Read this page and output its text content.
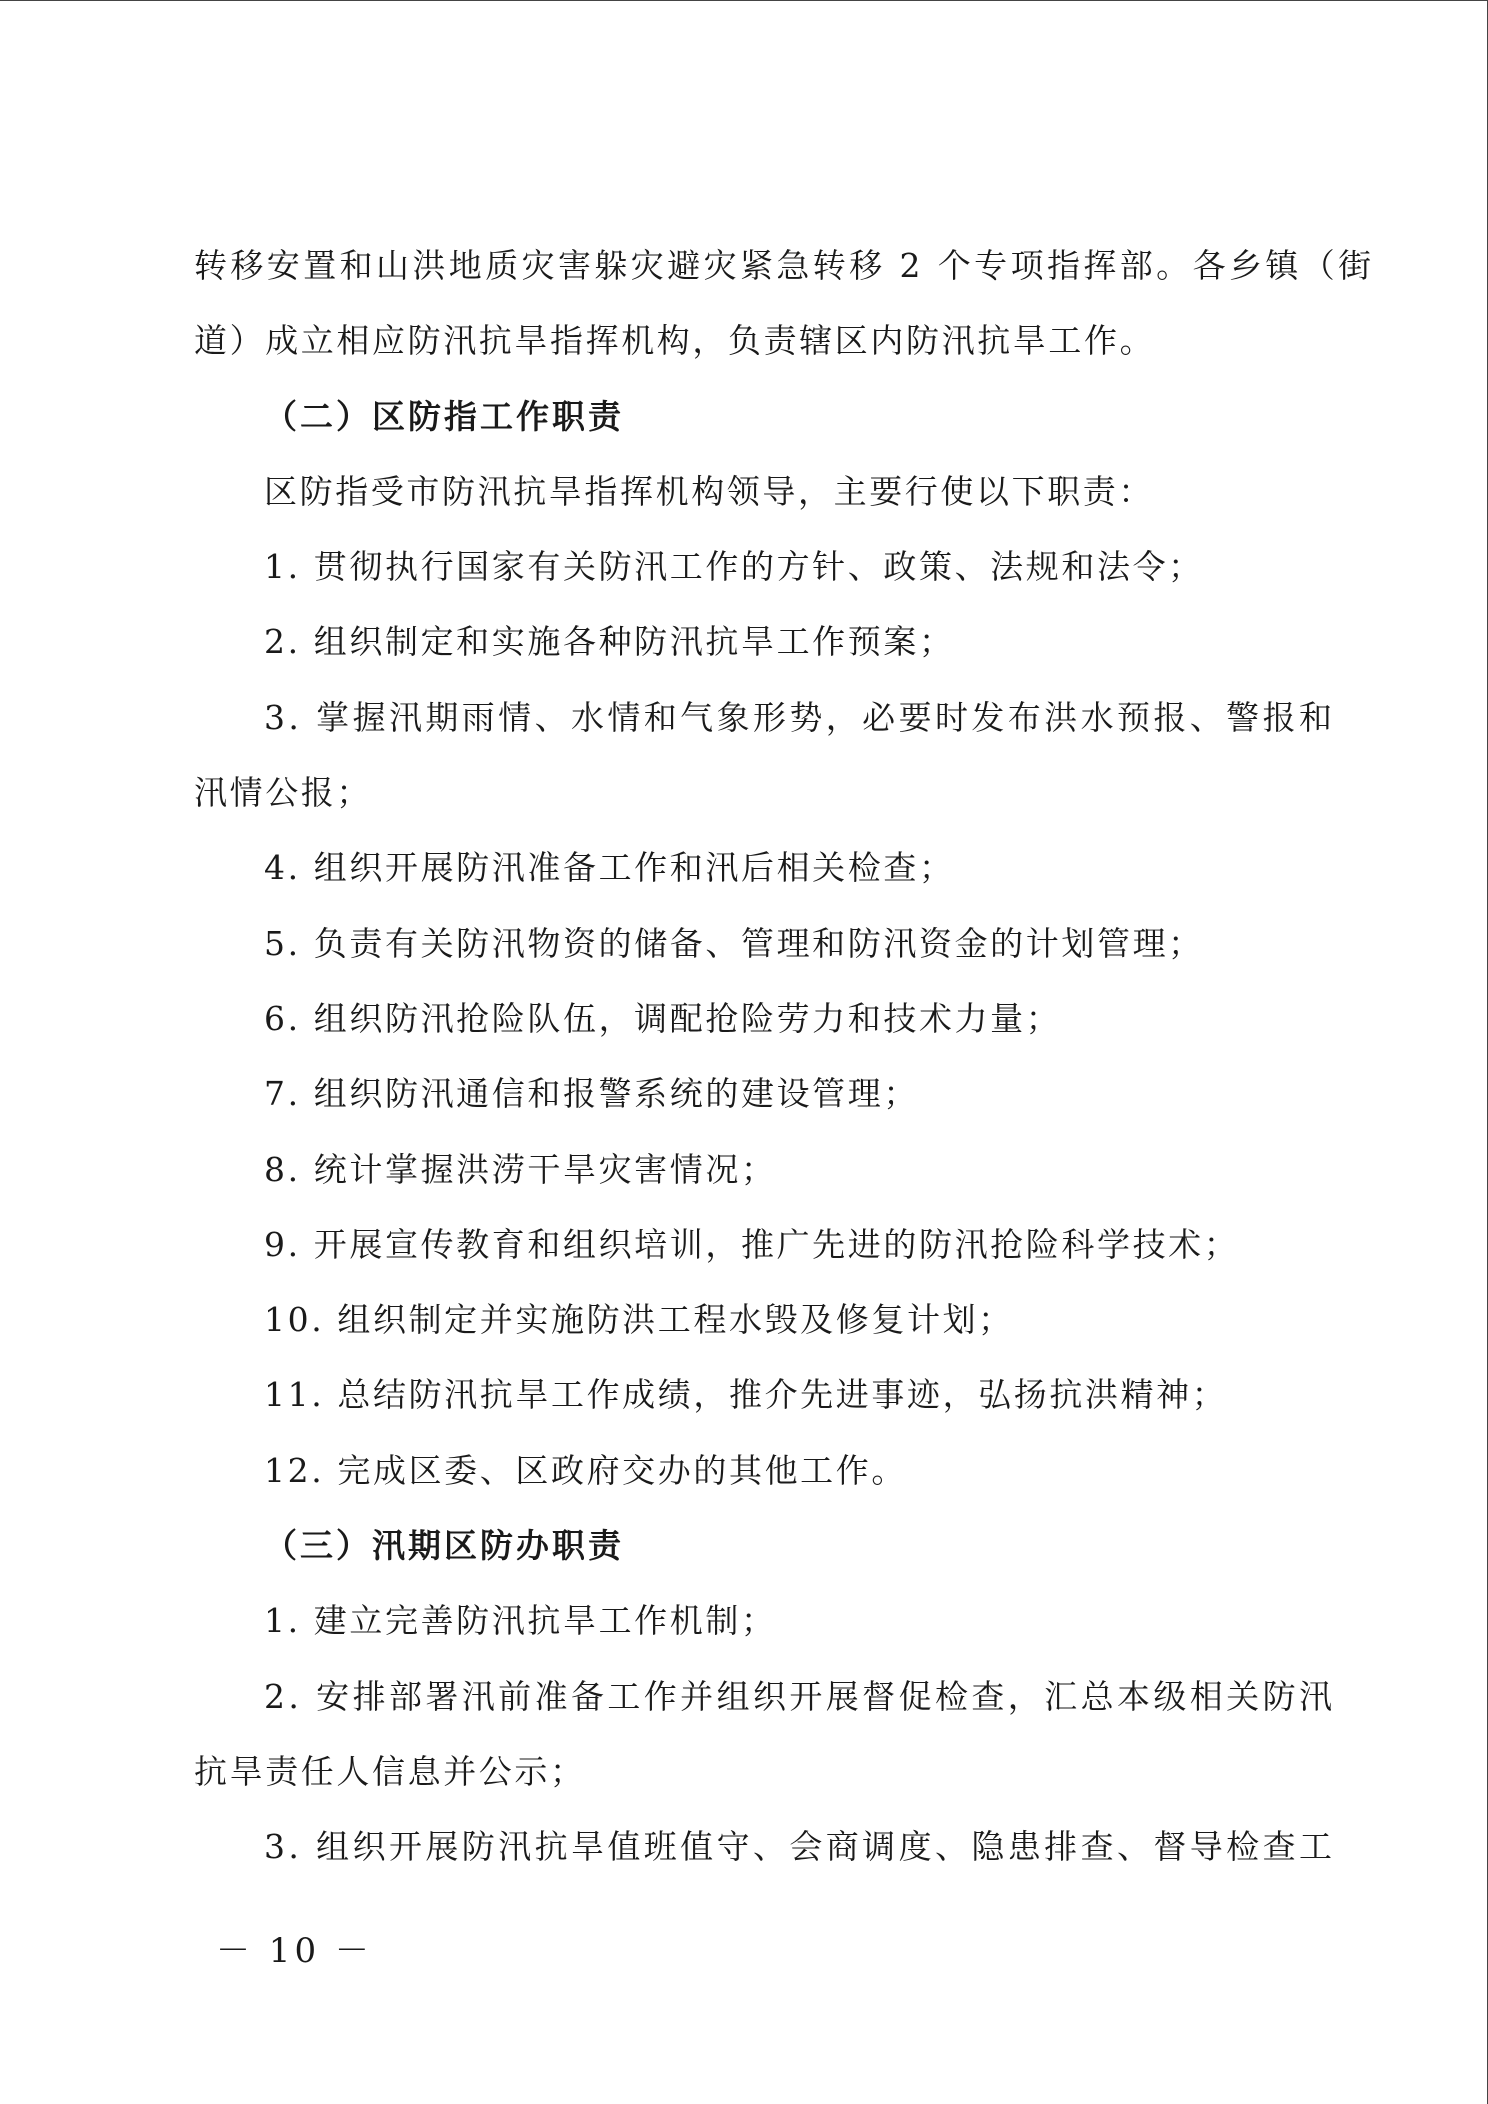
转移安置和山洪地质灾害躲灾避灾紧急转移 2 个专项指挥部。各乡镇（街
道）成立相应防汛抗旱指挥机构，负责辖区内防汛抗旱工作。
（二）区防指工作职责
区防指受市防汛抗旱指挥机构领导，主要行使以下职责：
1. 贯彻执行国家有关防汛工作的方针、政策、法规和法令；
2. 组织制定和实施各种防汛抗旱工作预案；
3. 掌握汛期雨情、水情和气象形势，必要时发布洪水预报、警报和
汛情公报；
4. 组织开展防汛准备工作和汛后相关检查；
5. 负责有关防汛物资的储备、管理和防汛资金的计划管理；
6. 组织防汛抢险队伍，调配抢险劳力和技术力量；
7. 组织防汛通信和报警系统的建设管理；
8. 统计掌握洪涝干旱灾害情况；
9. 开展宣传教育和组织培训，推广先进的防汛抢险科学技术；
10. 组织制定并实施防洪工程水毁及修复计划；
11. 总结防汛抗旱工作成绩，推介先进事迹，弘扬抗洪精神；
12. 完成区委、区政府交办的其他工作。
（三）汛期区防办职责
1. 建立完善防汛抗旱工作机制；
2. 安排部署汛前准备工作并组织开展督促检查，汇总本级相关防汛
抗旱责任人信息并公示；
3. 组织开展防汛抗旱值班值守、会商调度、隐患排查、督导检查工
－ 10 －
